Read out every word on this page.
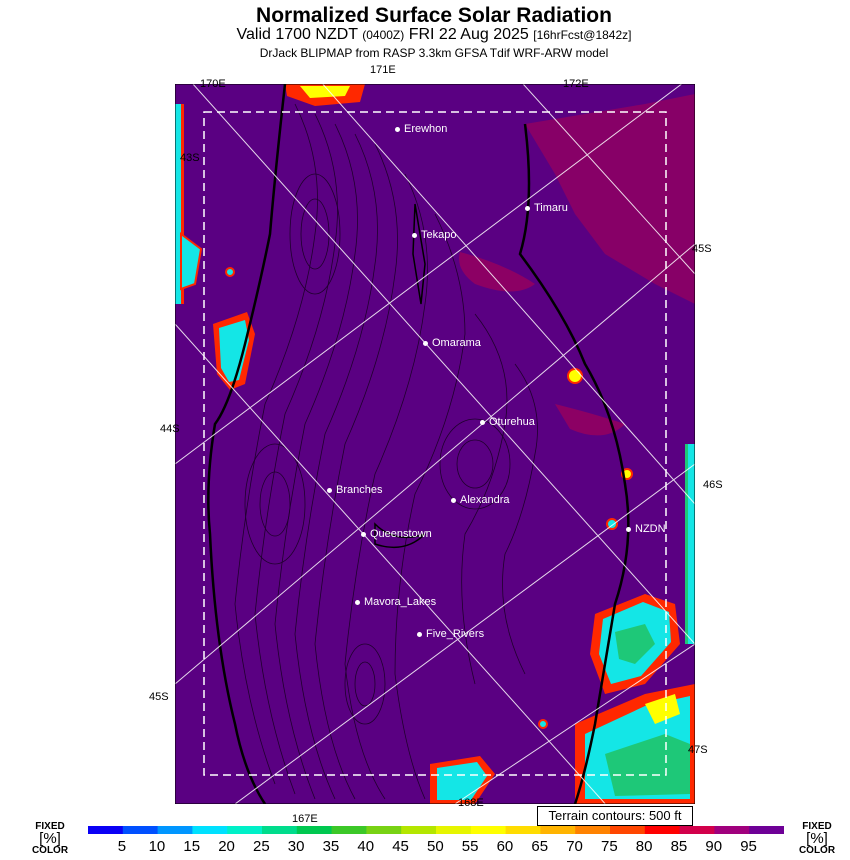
Normalized Surface Solar Radiation
Valid 1700 NZDT (0400Z) FRI 22 Aug 2025 [16hrFcst@1842z]
DrJack BLIPMAP from RASP 3.3km GFSA Tdif WRF-ARW model
170E
171E
172E
43S
44S
45S
45S
46S
47S
167E
168E
Erewhon
Timaru
Tekapo
Omarama
Oturehua
Branches
Alexandra
NZDN
Queenstown
Mavora_Lakes
Five_Rivers
Terrain contours: 500 ft
FIXED
[%]
COLOR
FIXED
[%]
COLOR
5 10 15 20 25 30 35 40 45 50 55 60 65 70 75 80 85 90 95
